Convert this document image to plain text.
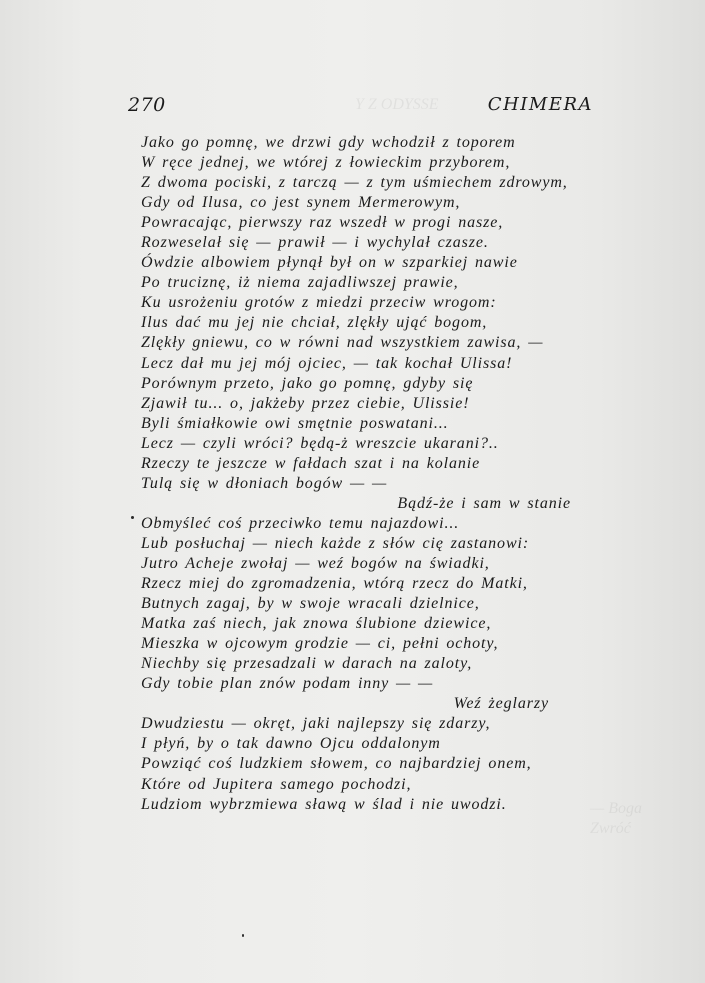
Y Z ODYSSE
— Boga
Zwróć
270	CHIMERA
Jako go pomnę, we drzwi gdy wchodził z toporem
W ręce jednej, we wtórej z łowieckim przyborem,
Z dwoma pociski, z tarczą — z tym uśmiechem zdrowym,
Gdy od Ilusa, co jest synem Mermerowym,
Powracając, pierwszy raz wszedł w progi nasze,
Rozweselał się — prawił — i wychylał czasze.
Ówdzie albowiem płynął był on w szparkiej nawie
Po truciznę, iż niema zajadliwszej prawie,
Ku usrożeniu grotów z miedzi przeciw wrogom:
Ilus dać mu jej nie chciał, zlękły ująć bogom,
Zlękły gniewu, co w równi nad wszystkiem zawisa, —
Lecz dał mu jej mój ojciec, — tak kochał Ulissa!
Porównym przeto, jako go pomnę, gdyby się
Zjawił tu... o, jakżeby przez ciebie, Ulissie!
Byli śmiałkowie owi smętnie poswatani...
Lecz — czyli wróci? będą-ż wreszcie ukarani?..
Rzeczy te jeszcze w fałdach szat i na kolanie
Tulą się w dłoniach bogów — —
Bądź-że i sam w stanie
Obmyśleć coś przeciwko temu najazdowi...
Lub posłuchaj — niech każde z słów cię zastanowi:
Jutro Acheje zwołaj — weź bogów na świadki,
Rzecz miej do zgromadzenia, wtórą rzecz do Matki,
Butnych zagaj, by w swoje wracali dzielnice,
Matka zaś niech, jak znowa ślubione dziewice,
Mieszka w ojcowym grodzie — ci, pełni ochoty,
Niechby się przesadzali w darach na zaloty,
Gdy tobie plan znów podam inny — —
Weź żeglarzy
Dwudziestu — okręt, jaki najlepszy się zdarzy,
I płyń, by o tak dawno Ojcu oddalonym
Powziąć coś ludzkiem słowem, co najbardziej onem,
Które od Jupitera samego pochodzi,
Ludziom wybrzmiewa sławą w ślad i nie uwodzi.
